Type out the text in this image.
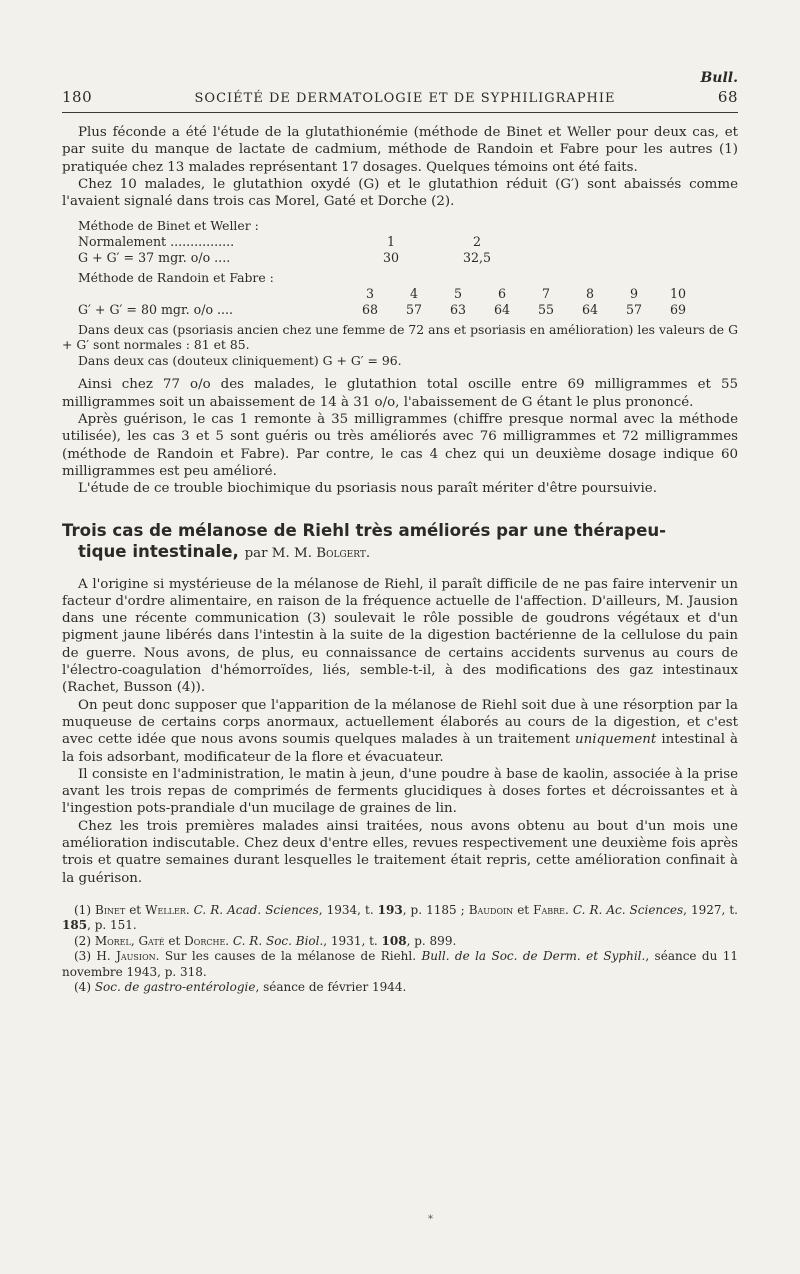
Bull.
180	SOCIÉTÉ DE DERMATOLOGIE ET DE SYPHILIGRAPHIE	68

Plus féconde a été l'étude de la glutathionémie (méthode de Binet et Weller pour deux cas, et par suite du manque de lactate de cadmium, méthode de Randoin et Fabre pour les autres (1) pratiquée chez 13 malades représentant 17 dosages. Quelques témoins ont été faits.

Chez 10 malades, le glutathion oxydé (G) et le glutathion réduit (G′) sont abaissés comme l'avaient signalé dans trois cas Morel, Gaté et Dorche (2).

Méthode de Binet et Weller :

Normalement ................	1	2
G + G′ = 37 mgr. o/o ....	30	32,5

Méthode de Randoin et Fabre :

3	4	5	6	7	8	9	10
G′ + G′ = 80 mgr. o/o ....	68	57	63	64	55	64	57	69

Dans deux cas (psoriasis ancien chez une femme de 72 ans et psoriasis en amélioration) les valeurs de G + G′ sont normales : 81 et 85.

Dans deux cas (douteux cliniquement) G + G′ = 96.

Ainsi chez 77 o/o des malades, le glutathion total oscille entre 69 milligrammes et 55 milligrammes soit un abaissement de 14 à 31 o/o, l'abaissement de G étant le plus prononcé.

Après guérison, le cas 1 remonte à 35 milligrammes (chiffre presque normal avec la méthode utilisée), les cas 3 et 5 sont guéris ou très améliorés avec 76 milligrammes et 72 milligrammes (méthode de Randoin et Fabre). Par contre, le cas 4 chez qui un deuxième dosage indique 60 milligrammes est peu amélioré.

L'étude de ce trouble biochimique du psoriasis nous paraît mériter d'être poursuivie.

Trois cas de mélanose de Riehl très améliorés par une thérapeu-
tique intestinale, par M. M. Bolgert.

A l'origine si mystérieuse de la mélanose de Riehl, il paraît difficile de ne pas faire intervenir un facteur d'ordre alimentaire, en raison de la fréquence actuelle de l'affection. D'ailleurs, M. Jausion dans une récente communication (3) soulevait le rôle possible de goudrons végétaux et d'un pigment jaune libérés dans l'intestin à la suite de la digestion bactérienne de la cellulose du pain de guerre. Nous avons, de plus, eu connaissance de certains accidents survenus au cours de l'électro-coagulation d'hémorroïdes, liés, semble-t-il, à des modifications des gaz intestinaux (Rachet, Busson (4)).

On peut donc supposer que l'apparition de la mélanose de Riehl soit due à une résorption par la muqueuse de certains corps anormaux, actuellement élaborés au cours de la digestion, et c'est avec cette idée que nous avons soumis quelques malades à un traitement uniquement intestinal à la fois adsorbant, modificateur de la flore et évacuateur.

Il consiste en l'administration, le matin à jeun, d'une poudre à base de kaolin, associée à la prise avant les trois repas de comprimés de ferments glucidiques à doses fortes et décroissantes et à l'ingestion pots-prandiale d'un mucilage de graines de lin.

Chez les trois premières malades ainsi traitées, nous avons obtenu au bout d'un mois une amélioration indiscutable. Chez deux d'entre elles, revues respectivement une deuxième fois après trois et quatre semaines durant lesquelles le traitement était repris, cette amélioration confinait à la guérison.

(1) Binet et Weller. C. R. Acad. Sciences, 1934, t. 193, p. 1185 ; Baudoin et Fabre. C. R. Ac. Sciences, 1927, t. 185, p. 151.

(2) Morel, Gaté et Dorche. C. R. Soc. Biol., 1931, t. 108, p. 899.

(3) H. Jausion. Sur les causes de la mélanose de Riehl. Bull. de la Soc. de Derm. et Syphil., séance du 11 novembre 1943, p. 318.

(4) Soc. de gastro-entérologie, séance de février 1944.

*
